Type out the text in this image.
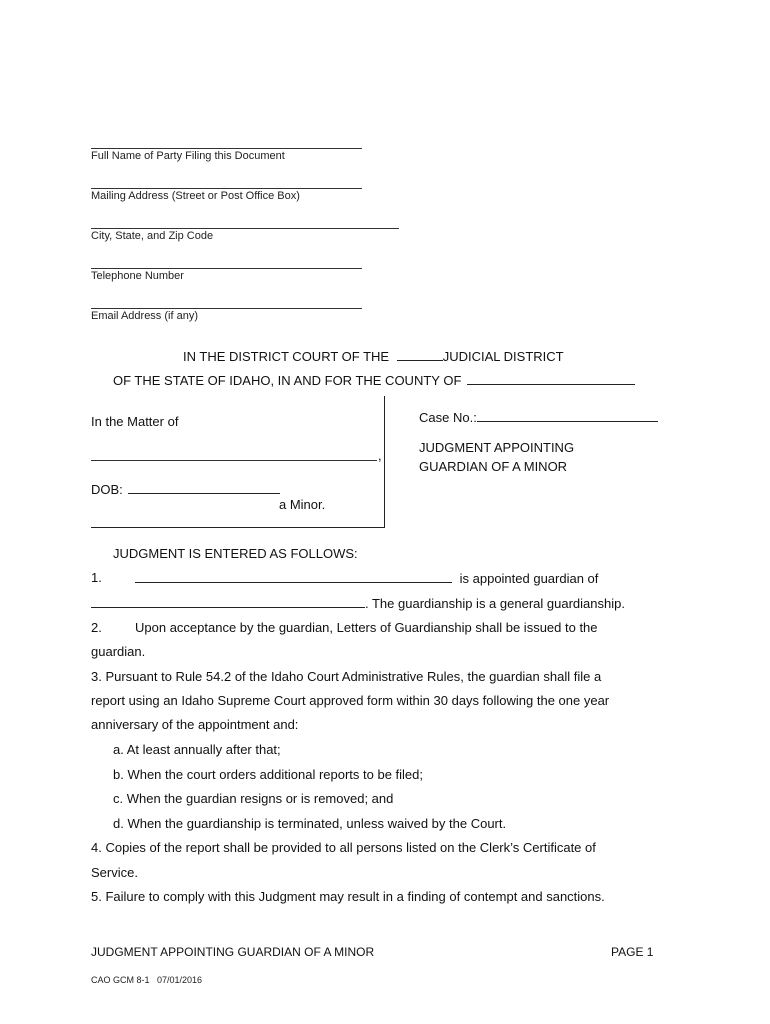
Full Name of Party Filing this Document
Mailing Address (Street or Post Office Box)
City, State, and Zip Code
Telephone Number
Email Address (if any)
IN THE DISTRICT COURT OF THE	JUDICIAL DISTRICT
OF THE STATE OF IDAHO, IN AND FOR THE COUNTY OF
In the Matter of
,
DOB:
a Minor.
Case No.:
JUDGMENT APPOINTING
GUARDIAN OF A MINOR
JUDGMENT IS ENTERED AS FOLLOWS:
1.	is appointed guardian of
. The guardianship is a general guardianship.
2.	Upon acceptance by the guardian, Letters of Guardianship shall be issued to the
guardian.
3. Pursuant to Rule 54.2 of the Idaho Court Administrative Rules, the guardian shall file a
report using an Idaho Supreme Court approved form within 30 days following the one year
anniversary of the appointment and:
a. At least annually after that;
b. When the court orders additional reports to be filed;
c. When the guardian resigns or is removed; and
d. When the guardianship is terminated, unless waived by the Court.
4. Copies of the report shall be provided to all persons listed on the Clerk’s Certificate of
Service.
5. Failure to comply with this Judgment may result in a finding of contempt and sanctions.
JUDGMENT APPOINTING GUARDIAN OF A MINOR	PAGE 1
CAO GCM 8-1   07/01/2016
